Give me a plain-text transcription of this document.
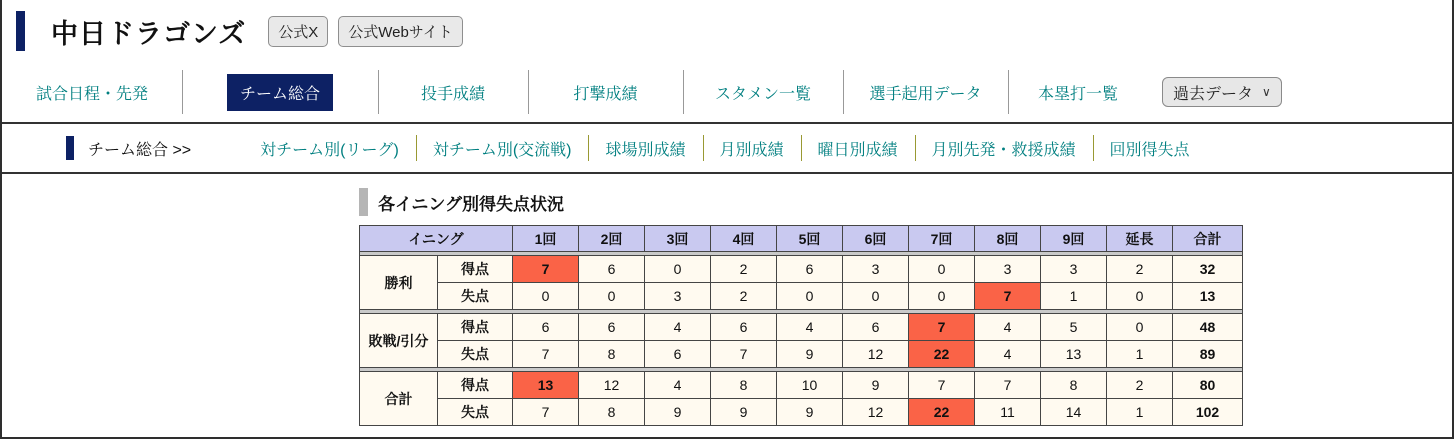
中日ドラゴンズ	公式X 公式Webサイト
試合日程・先発	チーム総合	投手成績	打撃成績	スタメン一覧	選手起用データ	本塁打一覧	過去データ ∨
チーム総合 >>	対チーム別(リーグ)	対チーム別(交流戦)	球場別成績	月別成績	曜日別成績	月別先発・救援成績	回別得失点
各イニング別得失点状況
イニング		1回	2回	3回	4回	5回	6回	7回	8回	9回	延長	合計

勝利	得点	7	6	0	2	6	3	0	3	3	2	32
	失点	0	0	3	2	0	0	0	7	1	0	13

敗戦/引分	得点	6	6	4	6	4	6	7	4	5	0	48
	失点	7	8	6	7	9	12	22	4	13	1	89

合計	得点	13	12	4	8	10	9	7	7	8	2	80
	失点	7	8	9	9	9	12	22	11	14	1	102
